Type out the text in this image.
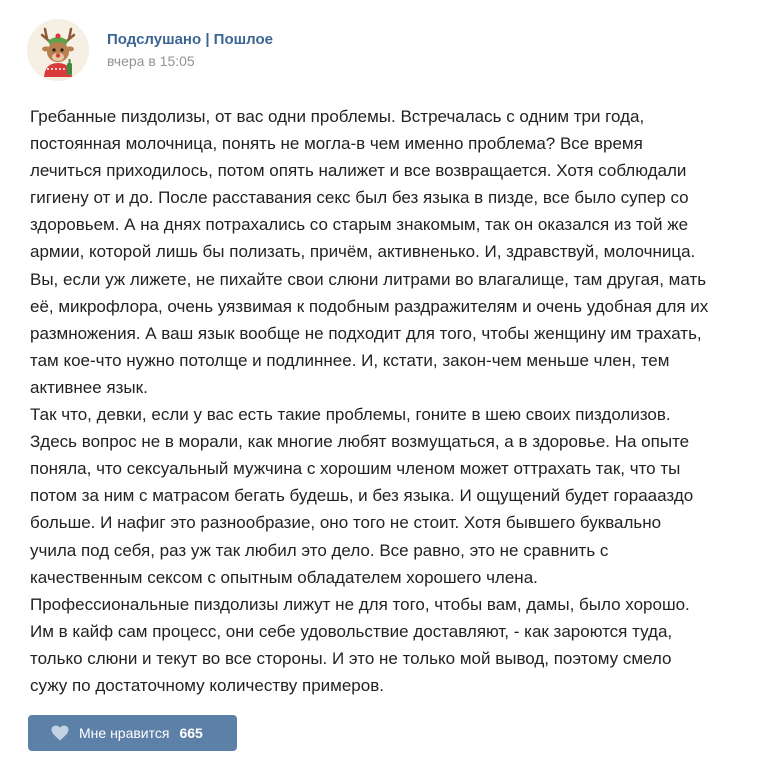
Подслушано | Пошлое
вчера в 15:05

Гребанные пиздолизы, от вас одни проблемы. Встречалась с одним три года,

постоянная молочница, понять не могла-в чем именно проблема? Все время

лечиться приходилось, потом опять налижет и все возвращается. Хотя соблюдали

гигиену от и до. После расставания секс был без языка в пизде, все было супер со

здоровьем. А на днях потрахались со старым знакомым, так он оказался из той же

армии, которой лишь бы полизать, причём, активненько. И, здравствуй, молочница.

Вы, если уж лижете, не пихайте свои слюни литрами во влагалище, там другая, мать

её, микрофлора, очень уязвимая к подобным раздражителям и очень удобная для их

размножения. А ваш язык вообще не подходит для того, чтобы женщину им трахать,

там кое-что нужно потолще и подлиннее. И, кстати, закон-чем меньше член, тем

активнее язык.

Так что, девки, если у вас есть такие проблемы, гоните в шею своих пиздолизов.

Здесь вопрос не в морали, как многие любят возмущаться, а в здоровье. На опыте

поняла, что сексуальный мужчина с хорошим членом может оттрахать так, что ты

потом за ним с матрасом бегать будешь, и без языка. И ощущений будет гораааздо

больше. И нафиг это разнообразие, оно того не стоит. Хотя бывшего буквально

учила под себя, раз уж так любил это дело. Все равно, это не сравнить с

качественным сексом с опытным обладателем хорошего члена.

Профессиональные пиздолизы лижут не для того, чтобы вам, дамы, было хорошо.

Им в кайф сам процесс, они себе удовольствие доставляют, - как зароются туда,

только слюни и текут во все стороны. И это не только мой вывод, поэтому смело

сужу по достаточному количеству примеров.

Мне нравится 665
